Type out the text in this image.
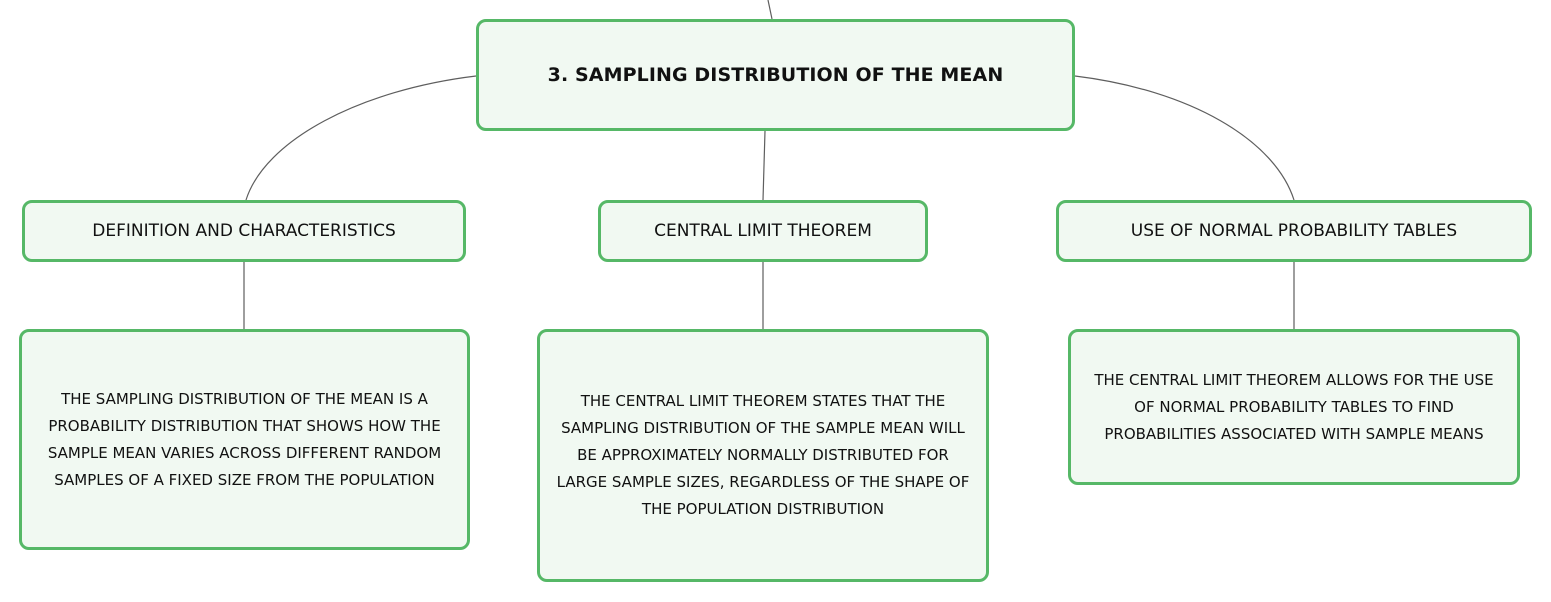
3. SAMPLING DISTRIBUTION OF THE MEAN
DEFINITION AND CHARACTERISTICS	CENTRAL LIMIT THEOREM	USE OF NORMAL PROBABILITY TABLES
THE SAMPLING DISTRIBUTION OF THE MEAN IS A PROBABILITY DISTRIBUTION THAT SHOWS HOW THE SAMPLE MEAN VARIES ACROSS DIFFERENT RANDOM SAMPLES OF A FIXED SIZE FROM THE POPULATION
THE CENTRAL LIMIT THEOREM STATES THAT THE SAMPLING DISTRIBUTION OF THE SAMPLE MEAN WILL BE APPROXIMATELY NORMALLY DISTRIBUTED FOR LARGE SAMPLE SIZES, REGARDLESS OF THE SHAPE OF THE POPULATION DISTRIBUTION
THE CENTRAL LIMIT THEOREM ALLOWS FOR THE USE OF NORMAL PROBABILITY TABLES TO FIND PROBABILITIES ASSOCIATED WITH SAMPLE MEANS
